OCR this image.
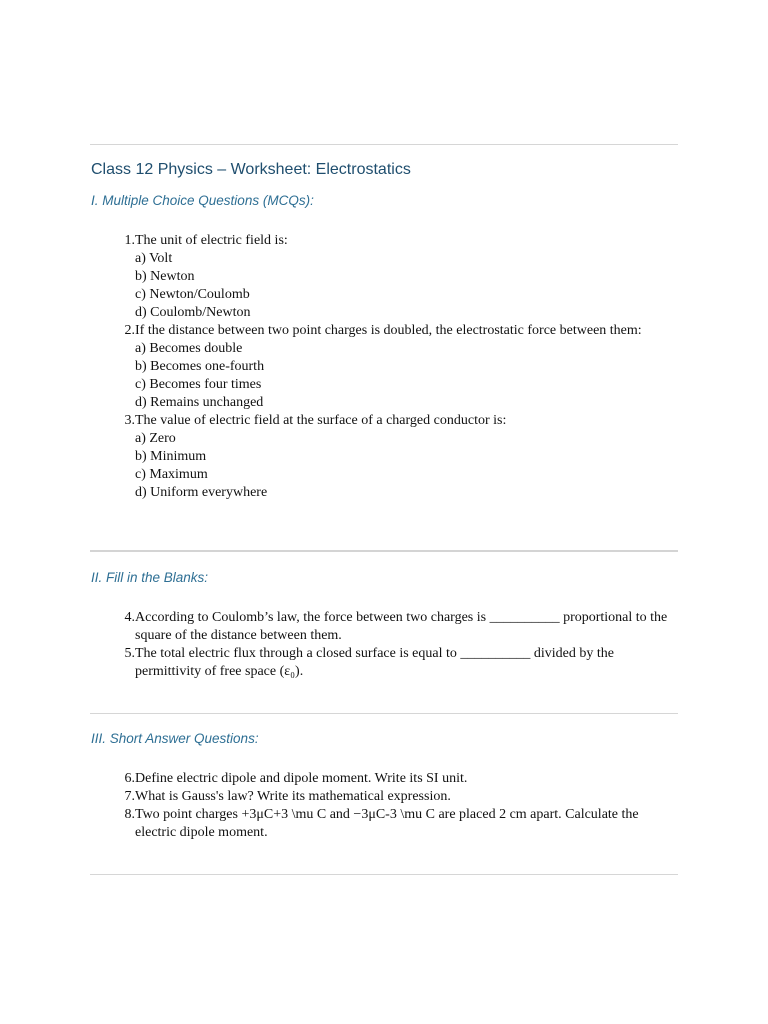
Class 12 Physics – Worksheet: Electrostatics
I. Multiple Choice Questions (MCQs):
1. The unit of electric field is:
a) Volt
b) Newton
c) Newton/Coulomb
d) Coulomb/Newton
2. If the distance between two point charges is doubled, the electrostatic force between them:
a) Becomes double
b) Becomes one-fourth
c) Becomes four times
d) Remains unchanged
3. The value of electric field at the surface of a charged conductor is:
a) Zero
b) Minimum
c) Maximum
d) Uniform everywhere
II. Fill in the Blanks:
4. According to Coulomb’s law, the force between two charges is __________ proportional to the square of the distance between them.
5. The total electric flux through a closed surface is equal to __________ divided by the permittivity of free space (ε₀).
III. Short Answer Questions:
6. Define electric dipole and dipole moment. Write its SI unit.
7. What is Gauss's law? Write its mathematical expression.
8. Two point charges +3μC+3 \mu C and −3μC-3 \mu C are placed 2 cm apart. Calculate the electric dipole moment.
